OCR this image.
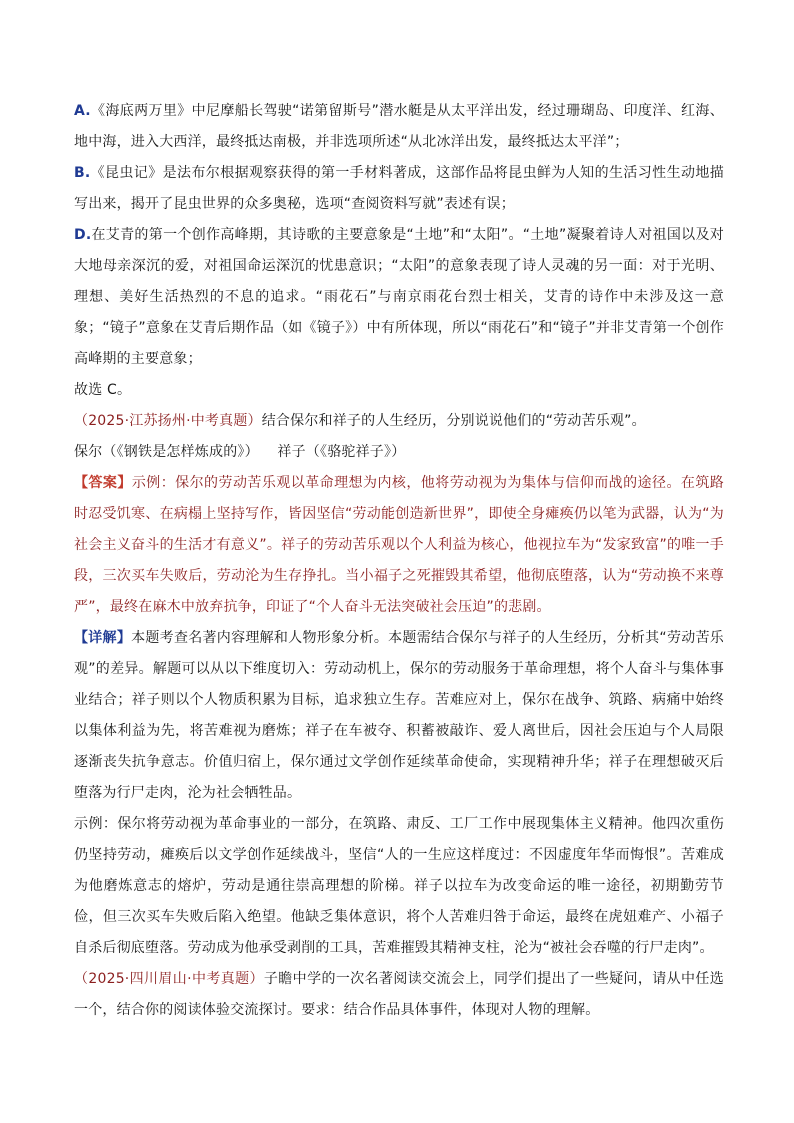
A.《海底两万里》中尼摩船长驾驶“诺第留斯号”潜水艇是从太平洋出发，经过珊瑚岛、印度洋、红海、地中海，进入大西洋，最终抵达南极，并非选项所述“从北冰洋出发，最终抵达太平洋”；

B.《昆虫记》是法布尔根据观察获得的第一手材料著成，这部作品将昆虫鲜为人知的生活习性生动地描写出来，揭开了昆虫世界的众多奥秘，选项“查阅资料写就”表述有误；

D.在艾青的第一个创作高峰期，其诗歌的主要意象是“土地”和“太阳”。“土地”凝聚着诗人对祖国以及对大地母亲深沉的爱，对祖国命运深沉的忧患意识；“太阳”的意象表现了诗人灵魂的另一面：对于光明、理想、美好生活热烈的不息的追求。“雨花石”与南京雨花台烈士相关，艾青的诗作中未涉及这一意象；“镜子”意象在艾青后期作品（如《镜子》）中有所体现，所以“雨花石”和“镜子”并非艾青第一个创作高峰期的主要意象；

故选 C。

（2025·江苏扬州·中考真题）结合保尔和祥子的人生经历，分别说说他们的“劳动苦乐观”。

保尔（《钢铁是怎样炼成的》）    祥子（《骆驼祥子》）

【答案】示例：保尔的劳动苦乐观以革命理想为内核，他将劳动视为为集体与信仰而战的途径。在筑路时忍受饥寒、在病榻上坚持写作，皆因坚信“劳动能创造新世界”，即使全身瘫痪仍以笔为武器，认为“为社会主义奋斗的生活才有意义”。祥子的劳动苦乐观以个人利益为核心，他视拉车为“发家致富”的唯一手段，三次买车失败后，劳动沦为生存挣扎。当小福子之死摧毁其希望，他彻底堕落，认为“劳动换不来尊严”，最终在麻木中放弃抗争，印证了“个人奋斗无法突破社会压迫”的悲剧。

【详解】本题考查名著内容理解和人物形象分析。本题需结合保尔与祥子的人生经历，分析其“劳动苦乐观”的差异。解题可以从以下维度切入：劳动动机上，保尔的劳动服务于革命理想，将个人奋斗与集体事业结合；祥子则以个人物质积累为目标，追求独立生存。苦难应对上，保尔在战争、筑路、病痛中始终以集体利益为先，将苦难视为磨炼；祥子在车被夺、积蓄被敲诈、爱人离世后，因社会压迫与个人局限逐渐丧失抗争意志。价值归宿上，保尔通过文学创作延续革命使命，实现精神升华；祥子在理想破灭后堕落为行尸走肉，沦为社会牺牲品。

示例：保尔将劳动视为革命事业的一部分，在筑路、肃反、工厂工作中展现集体主义精神。他四次重伤仍坚持劳动，瘫痪后以文学创作延续战斗，坚信“人的一生应这样度过：不因虚度年华而悔恨”。苦难成为他磨炼意志的熔炉，劳动是通往崇高理想的阶梯。祥子以拉车为改变命运的唯一途径，初期勤劳节俭，但三次买车失败后陷入绝望。他缺乏集体意识，将个人苦难归咎于命运，最终在虎妞难产、小福子自杀后彻底堕落。劳动成为他承受剥削的工具，苦难摧毁其精神支柱，沦为“被社会吞噬的行尸走肉”。

（2025·四川眉山·中考真题）子瞻中学的一次名著阅读交流会上，同学们提出了一些疑问，请从中任选一个，结合你的阅读体验交流探讨。要求：结合作品具体事件，体现对人物的理解。
